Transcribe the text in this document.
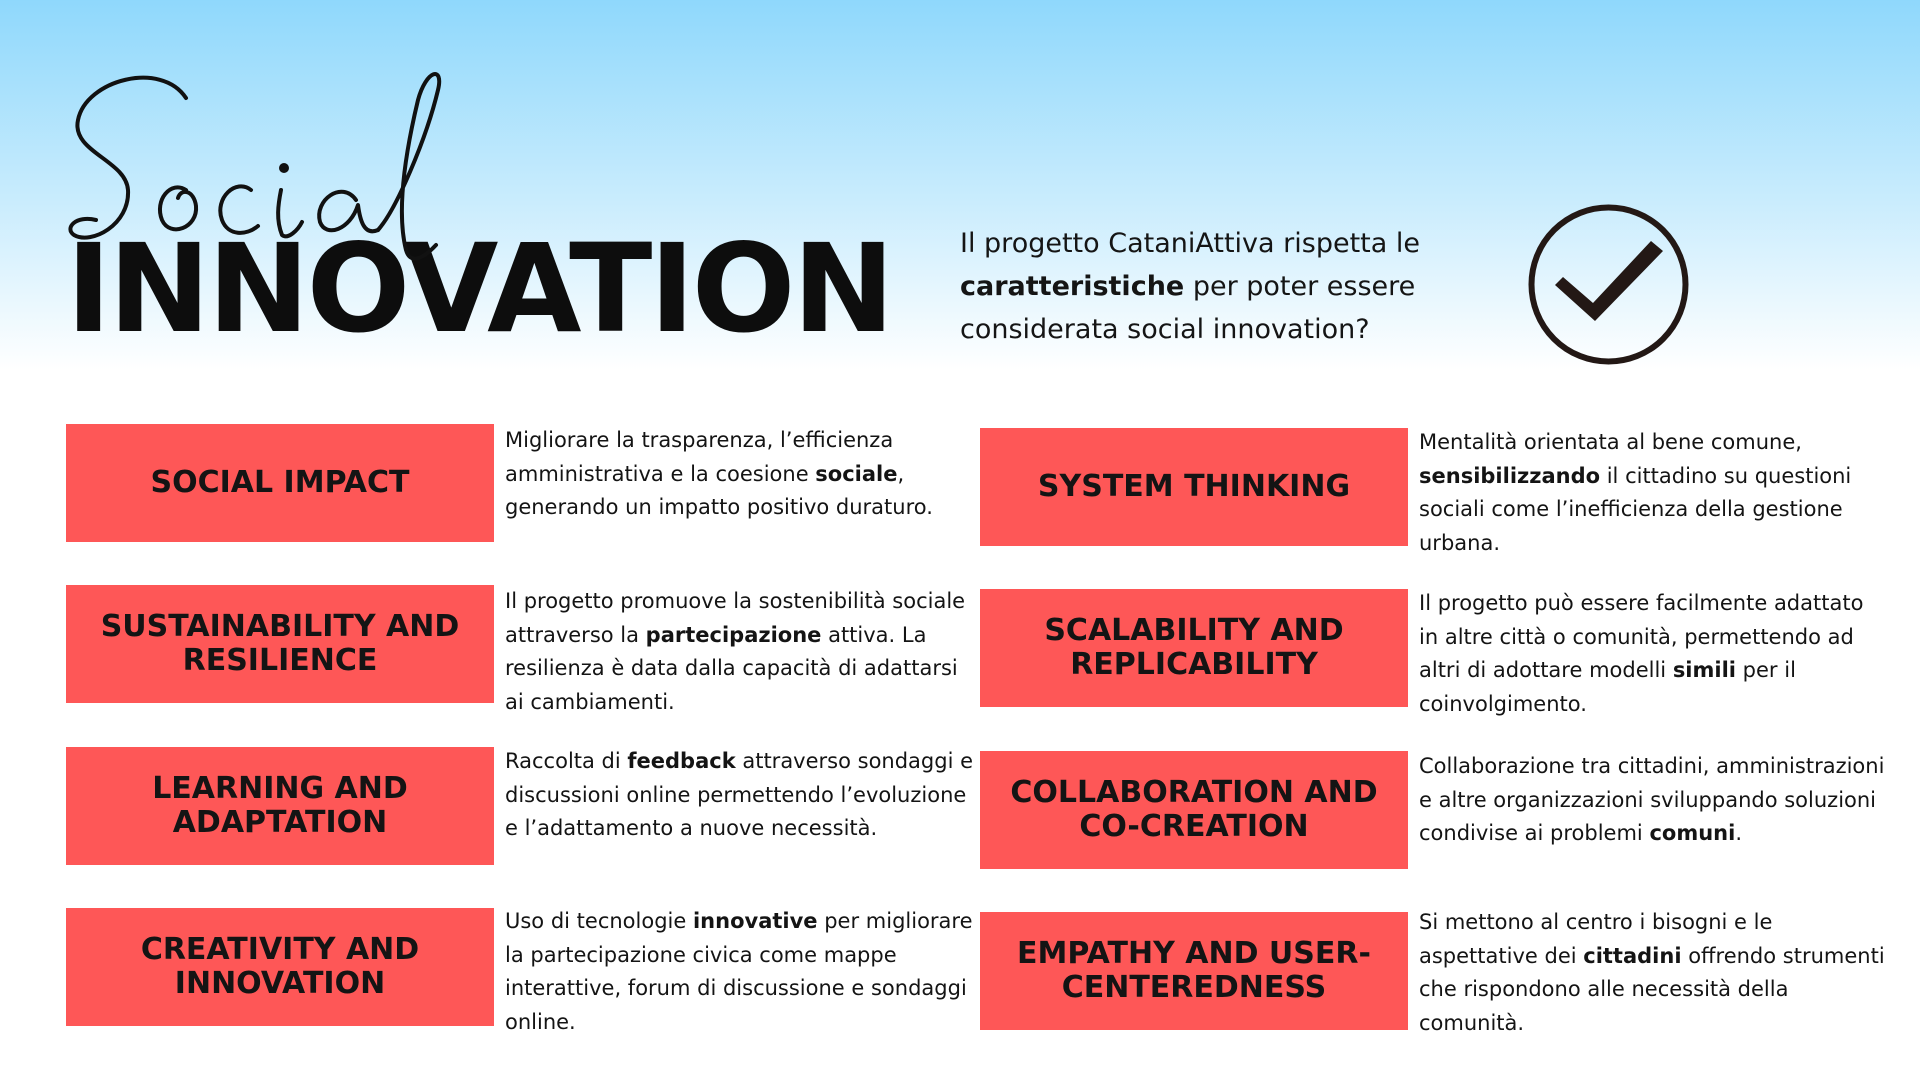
INNOVATION	Il progetto CataniAttiva rispetta le caratteristiche per poter essere considerata social innovation?

SOCIAL IMPACT

Migliorare la trasparenza, l’efficienza amministrativa e la coesione sociale, generando un impatto positivo duraturo.

SUSTAINABILITY AND RESILIENCE

Il progetto promuove la sostenibilità sociale attraverso la partecipazione attiva. La resilienza è data dalla capacità di adattarsi ai cambiamenti.

LEARNING AND ADAPTATION

Raccolta di feedback attraverso sondaggi e discussioni online permettendo l’evoluzione e l’adattamento a nuove necessità.

CREATIVITY AND INNOVATION

Uso di tecnologie innovative per migliorare la partecipazione civica come mappe interattive, forum di discussione e sondaggi online.

SYSTEM THINKING

Mentalità orientata al bene comune, sensibilizzando il cittadino su questioni sociali come l’inefficienza della gestione urbana.

SCALABILITY AND REPLICABILITY

Il progetto può essere facilmente adattato in altre città o comunità, permettendo ad altri di adottare modelli simili per il coinvolgimento.

COLLABORATION AND CO-CREATION

Collaborazione tra cittadini, amministrazioni e altre organizzazioni sviluppando soluzioni condivise ai problemi comuni.

EMPATHY AND USER-CENTEREDNESS

Si mettono al centro i bisogni e le aspettative dei cittadini offrendo strumenti che rispondono alle necessità della comunità.
